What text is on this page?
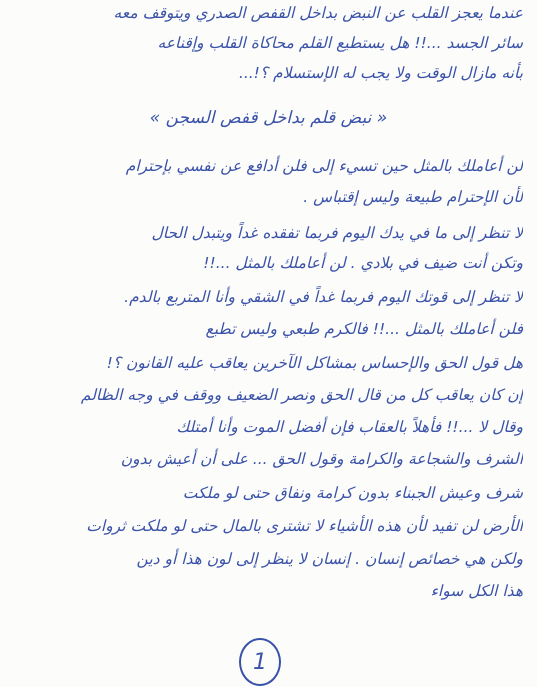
عندما يعجز القلب عن النبض بداخل القفص الصدري ويتوقف معه
سائر الجسد ...!! هل يستطيع القلم محاكاة القلب وإقناعه
بأنه مازال الوقت ولا يجب له الإستسلام ؟!...
« نبض قلم بداخل قفص السجن »
لن أعاملك بالمثل حين تسيء إلى فلن أدافع عن نفسي بإحترام
لأن الإحترام طبيعة وليس إقتباس .
لا تنظر إلى ما في يدك اليوم فربما تفقده غداً ويتبدل الحال
وتكن أنت ضيف في بلادي . لن أعاملك بالمثل ...!!
لا تنظر إلى قوتك اليوم فربما غداً في الشقي وأنا المتربع بالدم.
فلن أعاملك بالمثل ...!! فالكرم طبعي وليس تطبع
هل قول الحق والإحساس بمشاكل الآخرين يعاقب عليه القانون ؟!
إن كان يعاقب كل من قال الحق ونصر الضعيف ووقف في وجه الظالم
وقال لا ...!! فأهلاً بالعقاب فإن أفضل الموت وأنا أمتلك
الشرف والشجاعة والكرامة وقول الحق ... على أن أعيش بدون
شرف وعيش الجبناء بدون كرامة ونفاق حتى لو ملكت
الأرض لن تفيد لأن هذه الأشياء لا تشترى بالمال حتى لو ملكت ثروات
ولكن هي خصائص إنسان . إنسان لا ينظر إلى لون هذا أو دين
هذا الكل سواء
1
